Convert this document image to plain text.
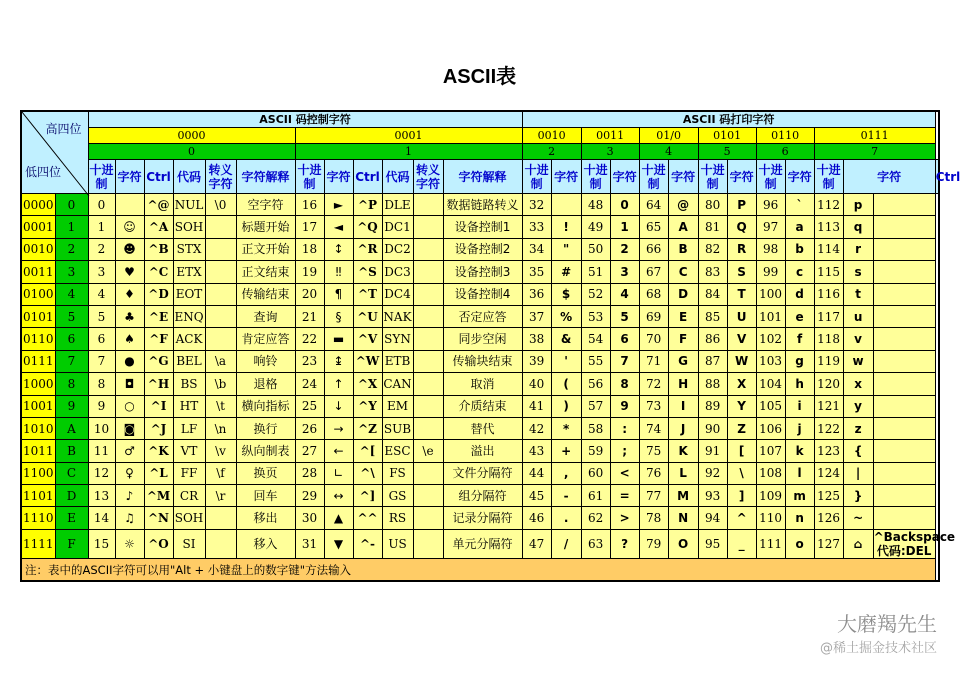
ASCII表
高四位
低四位		ASCII 码控制字符												ASCII 码打印字符													
		0000						0001						0010		0011		01/0		0101		0110		0111			
		0						1						2		3		4		5		6		7			
		十进制	字符	Ctrl	代码	转义字符	字符解释	十进制	字符	Ctrl	代码	转义字符	字符解释	十进制	字符	十进制	字符	十进制	字符	十进制	字符	十进制	字符	十进制	字符		Ctrl
0000	0	0		^@	NUL	\0	空字符	16	►	^P	DLE		数据链路转义	32		48	0	64	@	80	P	96	`	112	p		
0001	1	1	☺	^A	SOH		标题开始	17	◄	^Q	DC1		设备控制1	33	!	49	1	65	A	81	Q	97	a	113	q		
0010	2	2	☻	^B	STX		正文开始	18	↕	^R	DC2		设备控制2	34	"	50	2	66	B	82	R	98	b	114	r		
0011	3	3	♥	^C	ETX		正文结束	19	‼	^S	DC3		设备控制3	35	#	51	3	67	C	83	S	99	c	115	s		
0100	4	4	♦	^D	EOT		传输结束	20	¶	^T	DC4		设备控制4	36	$	52	4	68	D	84	T	100	d	116	t		
0101	5	5	♣	^E	ENQ		查询	21	§	^U	NAK		否定应答	37	%	53	5	69	E	85	U	101	e	117	u		
0110	6	6	♠	^F	ACK		肯定应答	22	▬	^V	SYN		同步空闲	38	&	54	6	70	F	86	V	102	f	118	v		
0111	7	7	●	^G	BEL	\a	响铃	23	↨	^W	ETB		传输块结束	39	'	55	7	71	G	87	W	103	g	119	w		
1000	8	8	◘	^H	BS	\b	退格	24	↑	^X	CAN		取消	40	(	56	8	72	H	88	X	104	h	120	x		
1001	9	9	○	^I	HT	\t	横向指标	25	↓	^Y	EM		介质结束	41	)	57	9	73	I	89	Y	105	i	121	y		
1010	A	10	◙	^J	LF	\n	换行	26	→	^Z	SUB		替代	42	*	58	:	74	J	90	Z	106	j	122	z		
1011	B	11	♂	^K	VT	\v	纵向制表	27	←	^[	ESC	\e	溢出	43	+	59	;	75	K	91	[	107	k	123	{		
1100	C	12	♀	^L	FF	\f	换页	28	∟	^\	FS		文件分隔符	44	,	60	<	76	L	92	\	108	l	124	|		
1101	D	13	♪	^M	CR	\r	回车	29	↔	^]	GS		组分隔符	45	-	61	=	77	M	93	]	109	m	125	}		
1110	E	14	♫	^N	SOH		移出	30	▲	^^	RS		记录分隔符	46	.	62	>	78	N	94	^	110	n	126	~		
1111	F	15	☼	^O	SI		移入	31	▼	^-	US		单元分隔符	47	/	63	?	79	O	95	_	111	o	127	⌂	^Backspace
代码:DEL	
注：表中的ASCII字符可以用"Alt + 小键盘上的数字键"方法输入																											
大磨羯先生
@稀土掘金技术社区
